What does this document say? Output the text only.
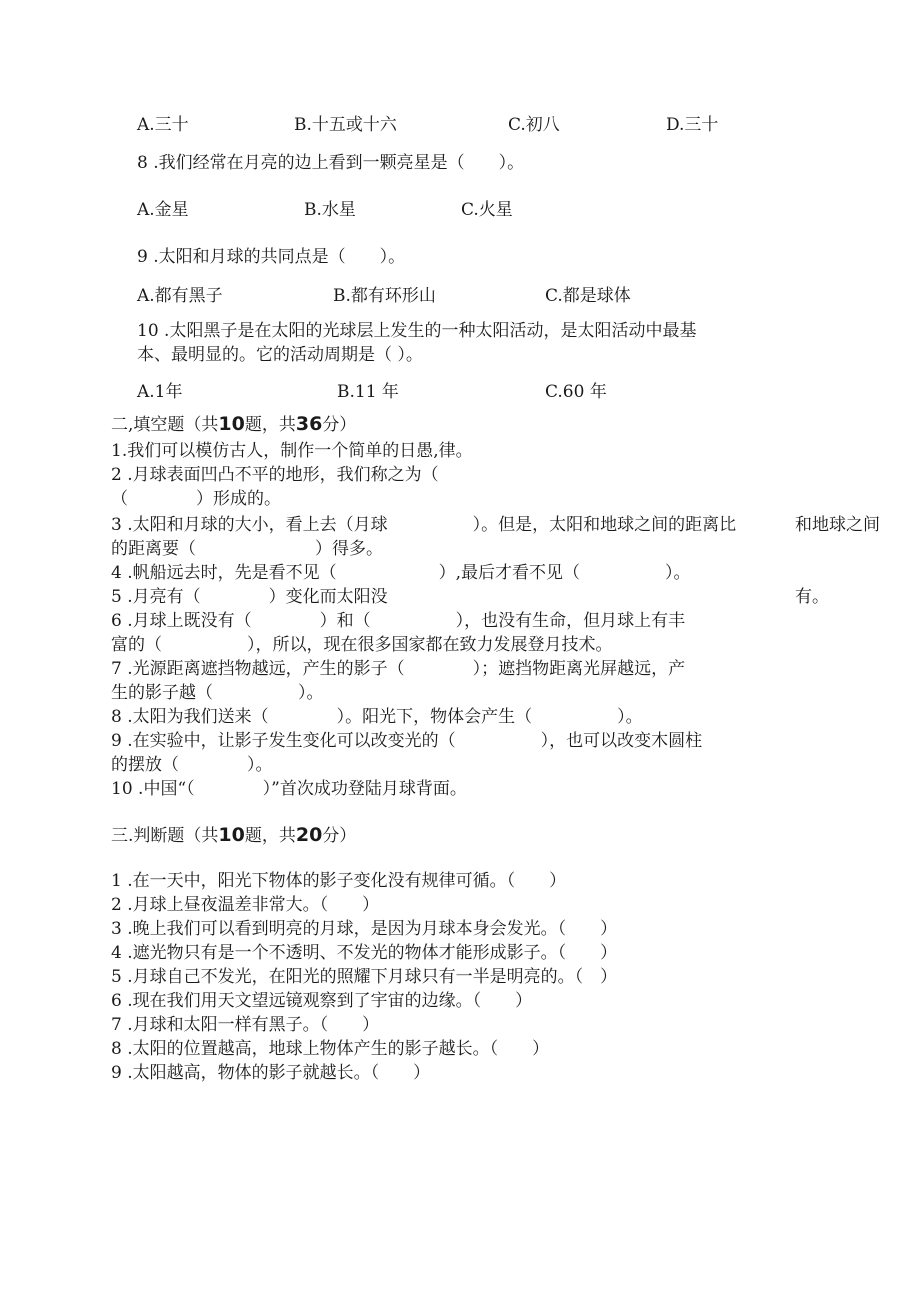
A.三十	B.十五或十六	C.初八	D.三十
8 .我们经常在月亮的边上看到一颗亮星是（　　）。
A.金星	B.水星	C.火星
9 .太阳和月球的共同点是（　　）。
A.都有黑子	B.都有环形山	C.都是球体
10 .太阳黑子是在太阳的光球层上发生的一种太阳活动，是太阳活动中最基
本、最明显的。它的活动周期是（ ）。
A.1年	B.11 年	C.60 年
二,填空题（共10题，共36分）
1.我们可以模仿古人，制作一个简单的日愚,律。
2 .月球表面凹凸不平的地形，我们称之为（
（　　　　）形成的。
3 .太阳和月球的大小，看上去（月球　　　　　）。但是，太阳和地球之间的距离比	和地球之间
的距离要（　　　　　　　）得多。
4 .帆船远去时，先是看不见（　　　　　　）,最后才看不见（　　　　　）。
5 .月亮有（　　　　）变化而太阳没	有。
6 .月球上既没有（　　　　）和（　　　　　），也没有生命，但月球上有丰
富的（　　　　　），所以，现在很多国家都在致力发展登月技术。
7 .光源距离遮挡物越远，产生的影子（　　　　）；遮挡物距离光屏越远，产
生的影子越（　　　　　）。
8 .太阳为我们送来（　　　　）。阳光下，物体会产生（　　　　　）。
9 .在实验中，让影子发生变化可以改变光的（　　　　　），也可以改变木圆柱
的摆放（　　　　）。
10 .中国“（　　　　）”首次成功登陆月球背面。
三.判断题（共10题，共20分）
1 .在一天中，阳光下物体的影子变化没有规律可循。（　　）
2 .月球上昼夜温差非常大。（　　）
3 .晚上我们可以看到明亮的月球，是因为月球本身会发光。（　　）
4 .遮光物只有是一个不透明、不发光的物体才能形成影子。（　　）
5 .月球自己不发光，在阳光的照耀下月球只有一半是明亮的。（　）
6 .现在我们用天文望远镜观察到了宇宙的边缘。（　　）
7 .月球和太阳一样有黑子。（　　）
8 .太阳的位置越高，地球上物体产生的影子越长。（　　）
9 .太阳越高，物体的影子就越长。（　　）
